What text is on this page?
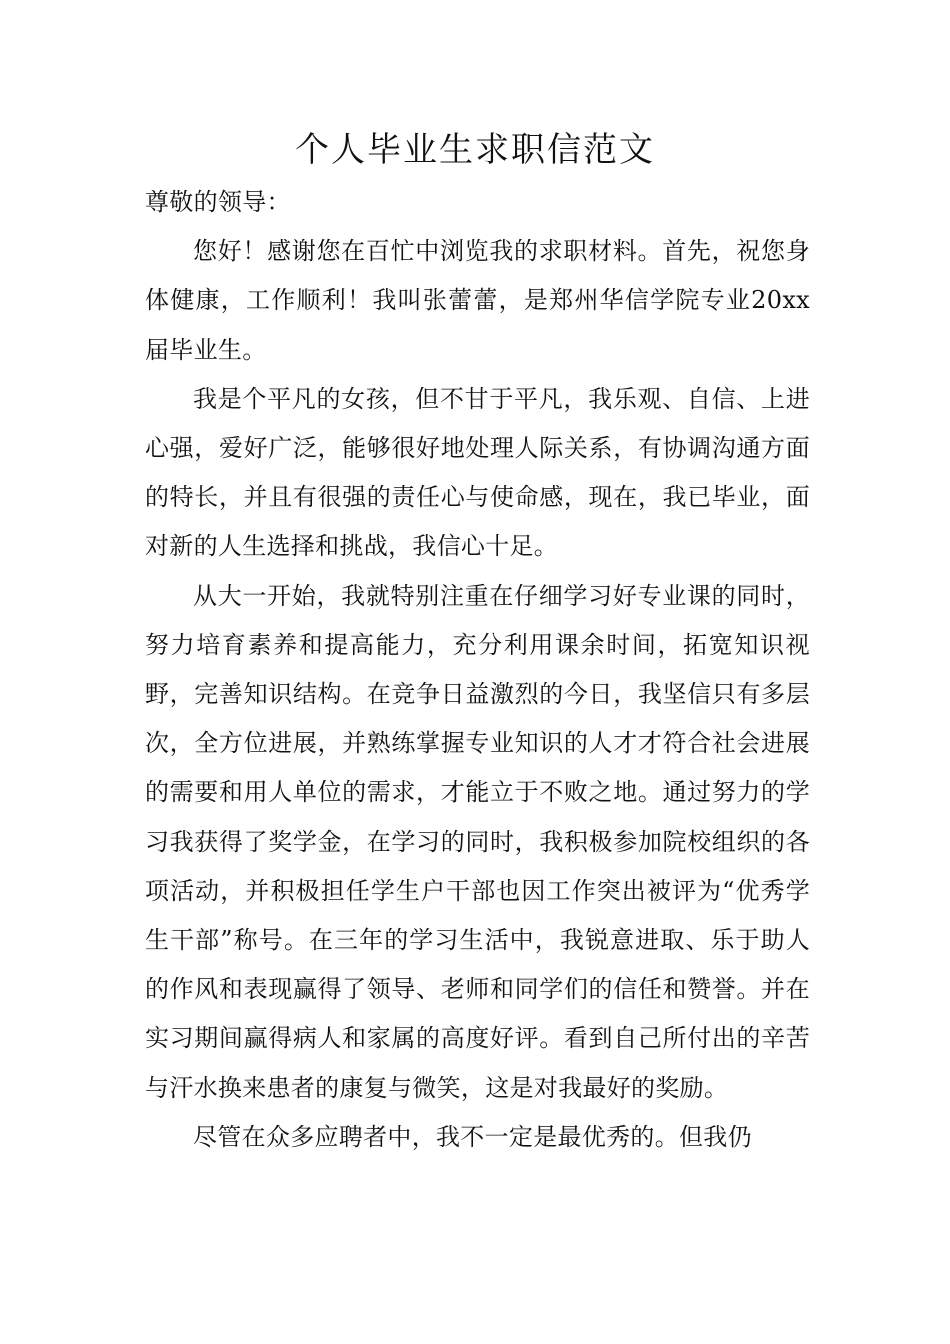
个人毕业生求职信范文

尊敬的领导：

您好！感谢您在百忙中浏览我的求职材料。首先，祝您身体健康，工作顺利！我叫张蕾蕾，是郑州华信学院专业20xx届毕业生。

我是个平凡的女孩，但不甘于平凡，我乐观、自信、上进心强，爱好广泛，能够很好地处理人际关系，有协调沟通方面的特长，并且有很强的责任心与使命感，现在，我已毕业，面对新的人生选择和挑战，我信心十足。

从大一开始，我就特别注重在仔细学习好专业课的同时，努力培育素养和提高能力，充分利用课余时间，拓宽知识视野，完善知识结构。在竞争日益激烈的今日，我坚信只有多层次，全方位进展，并熟练掌握专业知识的人才才符合社会进展的需要和用人单位的需求，才能立于不败之地。通过努力的学习我获得了奖学金，在学习的同时，我积极参加院校组织的各项活动，并积极担任学生户干部也因工作突出被评为“优秀学生干部”称号。在三年的学习生活中，我锐意进取、乐于助人的作风和表现赢得了领导、老师和同学们的信任和赞誉。并在实习期间赢得病人和家属的高度好评。看到自己所付出的辛苦与汗水换来患者的康复与微笑，这是对我最好的奖励。

尽管在众多应聘者中，我不一定是最优秀的。但我仍
